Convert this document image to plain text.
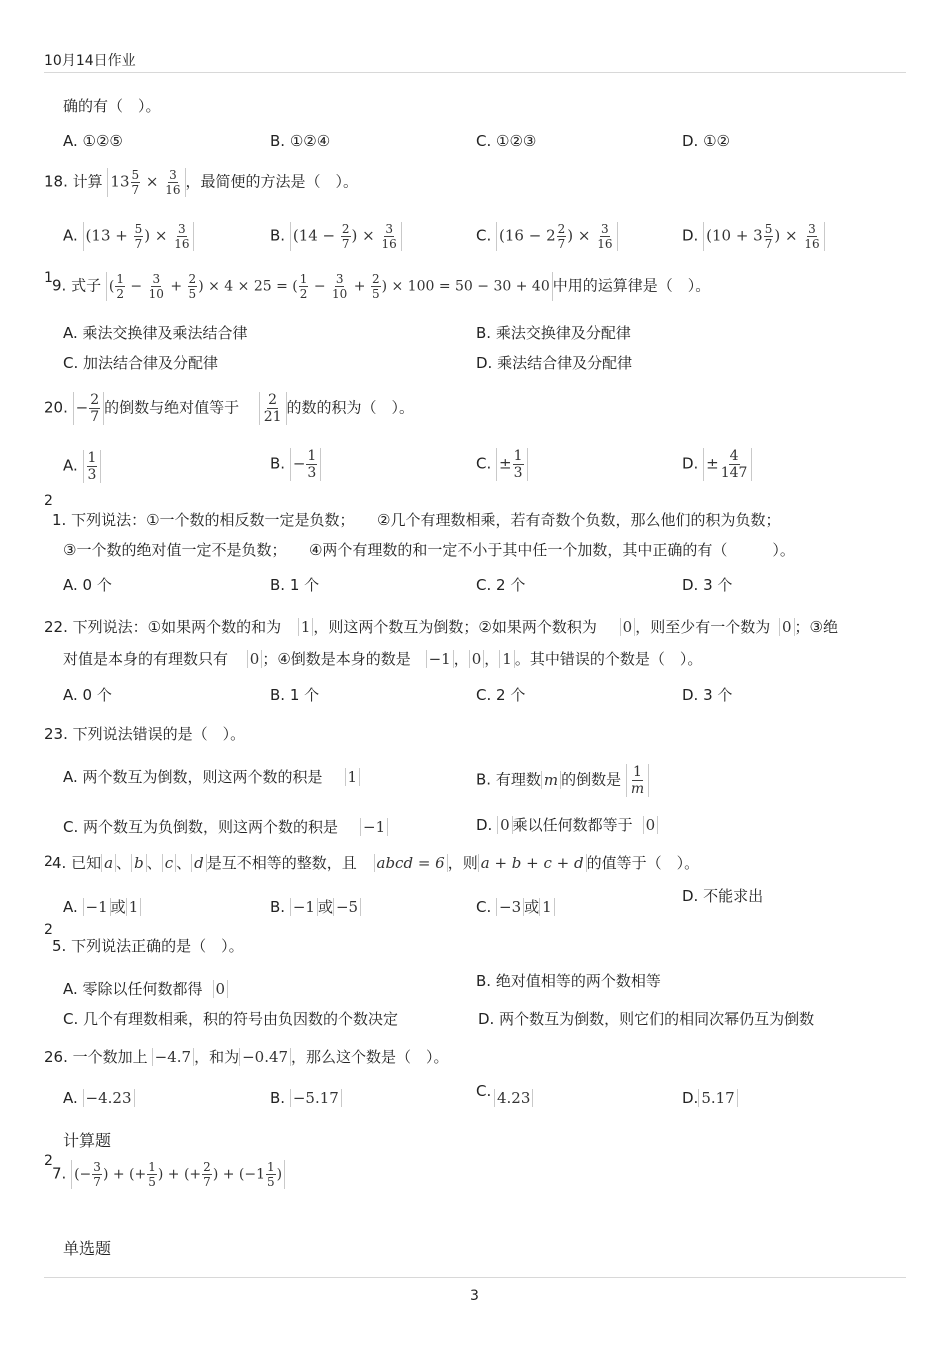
10月14日作业
确的有（　）。
A. ①②⑤	B. ①②④	C. ①②③	D. ①②
18. 计算 $13 \frac{5}{7} \times \frac{3}{16}$ ，最简便的方法是（　）。
A. ($13 + \frac{5}{7}$ ) × $\frac{3}{16}$	B. ($14 - \frac{2}{7}$ ) × $\frac{3}{16}$	C. ($16 - 2 \frac{2}{7}$ ) × $\frac{3}{16}$	D. ($10 + 3 \frac{5}{7}$ ) × $\frac{3}{16}$
1 9. 式子 ( $\frac{1}{2} - \frac{3}{10} + \frac{2}{5}$ ) × 4 × 25 = ( $\frac{1}{2} - \frac{3}{10} + \frac{2}{5}$ ) × 100 = 50 − 30 + 40 中用的运算律是（　）。
A. 乘法交换律及乘法结合律	B. 乘法交换律及分配律
C. 加法结合律及分配律	D. 乘法结合律及分配律
20. − $\frac{2}{7}$ 的倒数与绝对值等于 $\frac{2}{21}$ 的数的积为（　）。
A. $\frac{1}{3}$	B. − $\frac{1}{3}$	C. ± $\frac{1}{3}$	D. ± $\frac{4}{147}$
2
1. 下列说法：①一个数的相反数一定是负数；　　②几个有理数相乘，若有奇数个负数，那么他们的积为负数；
③一个数的绝对值一定不是负数；　　④两个有理数的和一定不小于其中任一个加数，其中正确的有（　　　）。
A. 0 个	B. 1 个	C. 2 个	D. 3 个
22. 下列说法：①如果两个数的和为 1 ，则这两个数互为倒数；②如果两个数积为 0 ，则至少有一个数为 0 ；③绝
对值是本身的有理数只有 0 ；④倒数是本身的数是 −1 ， 0 ， 1 。其中错误的个数是（　）。
A. 0 个	B. 1 个	C. 2 个	D. 3 个
23. 下列说法错误的是（　）。
A. 两个数互为倒数，则这两个数的积是 1	B. 有理数 m 的倒数是 $\frac{1}{m}$
C. 两个数互为负倒数，则这两个数的积是 −1	D. 0 乘以任何数都等于 0
2 4. 已知 a 、 b 、 c 、 d 是互不相等的整数，且 abcd = 6 ，则 a + b + c + d 的值等于（　）。
D. 不能求出
A. −1 或 1	B. −1 或 −5	C. −3 或 1
2
5. 下列说法正确的是（　）。
B. 绝对值相等的两个数相等
A. 零除以任何数都得 0
C. 几个有理数相乘，积的符号由负因数的个数决定	D. 两个数互为倒数，则它们的相同次幂仍互为倒数
26. 一个数加上 −4.7 ，和为 −0.47 ，那么这个数是（　）。
A. −4.23	B. −5.17	C. 4.23	D. 5.17
计算题
2
7. (− $\frac{3}{7}$ ) + (+ $\frac{1}{5}$ ) + (+ $\frac{2}{7}$ ) + ($-1 \frac{1}{5}$ )
单选题
3
